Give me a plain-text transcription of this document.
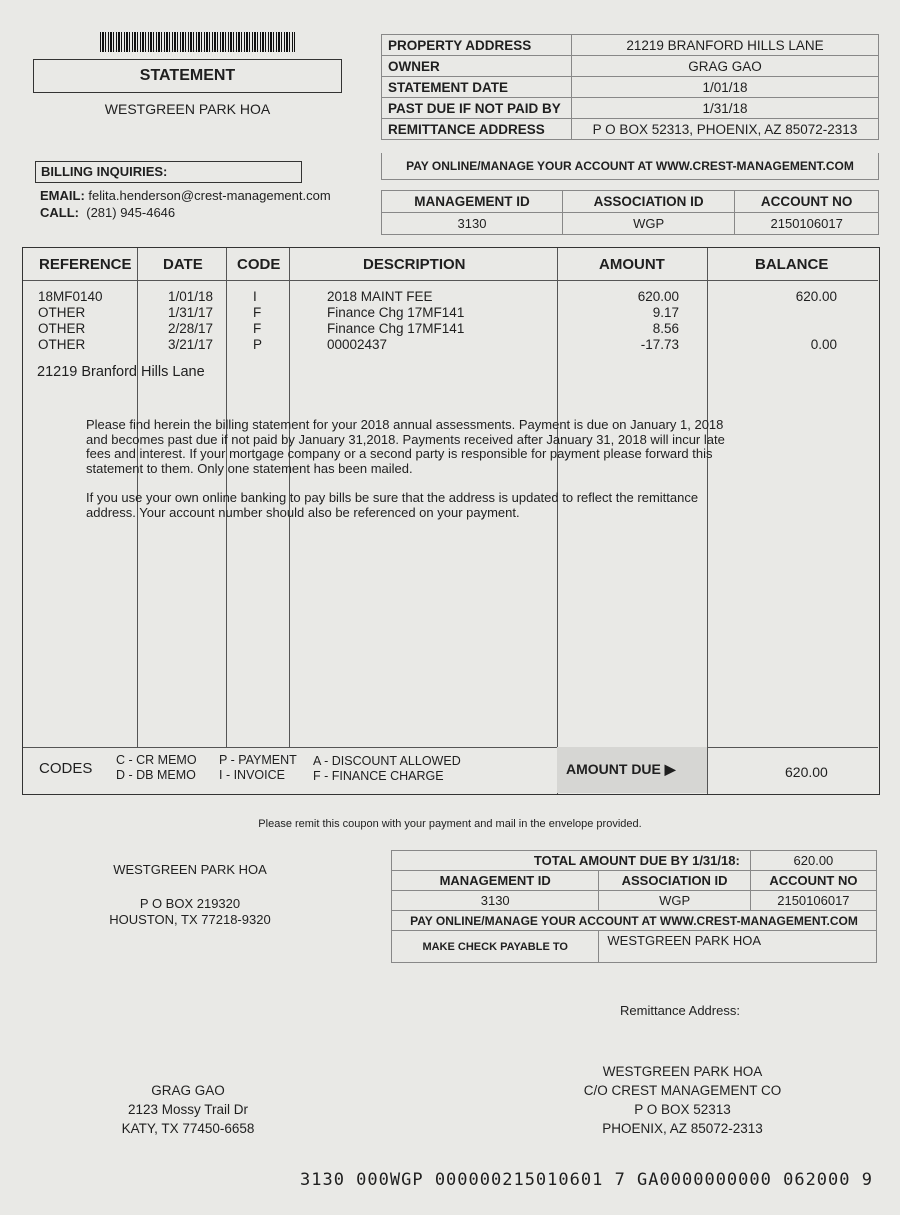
STATEMENT
WESTGREEN PARK HOA
BILLING INQUIRIES:
EMAIL: felita.henderson@crest-management.com
CALL: (281) 945-4646
PROPERTY ADDRESS	21219 BRANFORD HILLS LANE
OWNER	GRAG GAO
STATEMENT DATE	1/01/18
PAST DUE IF NOT PAID BY	1/31/18
REMITTANCE ADDRESS	P O BOX 52313, PHOENIX, AZ 85072-2313
PAY ONLINE/MANAGE YOUR ACCOUNT AT WWW.CREST-MANAGEMENT.COM
MANAGEMENT ID	ASSOCIATION ID	ACCOUNT NO
3130	WGP	2150106017
REFERENCE DATE CODE	DESCRIPTION	AMOUNT	BALANCE
18MF0140	1/01/18	I	2018 MAINT FEE	620.00	620.00
OTHER	1/31/17	F	Finance Chg 17MF141	9.17
OTHER	2/28/17	F	Finance Chg 17MF141	8.56
OTHER	3/21/17	P	00002437	-17.73	0.00
21219 Branford Hills Lane
Please find herein the billing statement for your 2018 annual assessments. Payment is due on January 1, 2018 and becomes past due if not paid by January 31,2018. Payments received after January 31, 2018 will incur late fees and interest. If your mortgage company or a second party is responsible for payment please forward this statement to them. Only one statement has been mailed.
If you use your own online banking to pay bills be sure that the address is updated to reflect the remittance address. Your account number should also be referenced on your payment.
CODES C - CR MEMO
D - DB MEMO
P - PAYMENT
I - INVOICE
A - DISCOUNT ALLOWED
F - FINANCE CHARGE	AMOUNT DUE ▶	620.00
Please remit this coupon with your payment and mail in the envelope provided.
WESTGREEN PARK HOA
P O BOX 219320
HOUSTON, TX 77218-9320
TOTAL AMOUNT DUE BY 1/31/18:		620.00
MANAGEMENT ID	ASSOCIATION ID	ACCOUNT NO
3130	WGP	2150106017
PAY ONLINE/MANAGE YOUR ACCOUNT AT WWW.CREST-MANAGEMENT.COM		
MAKE CHECK PAYABLE TO	WESTGREEN PARK HOA	
Remittance Address:
GRAG GAO
2123 Mossy Trail Dr
KATY, TX 77450-6658
WESTGREEN PARK HOA
C/O CREST MANAGEMENT CO
P O BOX 52313
PHOENIX, AZ 85072-2313
3130 000WGP 000000215010601 7 GA0000000000 062000 9
